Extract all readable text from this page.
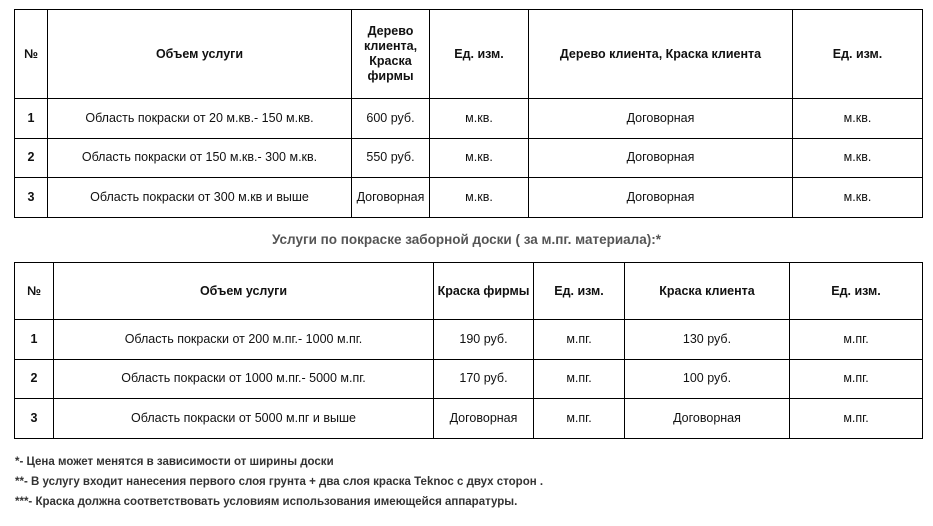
№	Объем услуги	Дерево клиента, Краска фирмы	Ед. изм.	Дерево клиента, Краска клиента	Ед. изм.
1	Область покраски от 20 м.кв.- 150 м.кв.	600 руб.	м.кв.	Договорная	м.кв.
2	Область покраски от 150 м.кв.- 300 м.кв.	550 руб.	м.кв.	Договорная	м.кв.
3	Область покраски от 300 м.кв и выше	Договорная	м.кв.	Договорная	м.кв.
Услуги по покраске заборной доски ( за м.пг. материала):*
№	Объем услуги	Краска фирмы	Ед. изм.	Краска клиента	Ед. изм.
1	Область покраски от 200 м.пг.- 1000 м.пг.	190 руб.	м.пг.	130 руб.	м.пг.
2	Область покраски от 1000 м.пг.- 5000 м.пг.	170 руб.	м.пг.	100 руб.	м.пг.
3	Область покраски от 5000 м.пг и выше	Договорная	м.пг.	Договорная	м.пг.
*- Цена может менятся в зависимости от ширины доски
**- В услугу входит нанесения первого слоя грунта + два слоя краска Теknoс с двух сторон .
***- Краска должна соответствовать условиям использования имеющейся аппаратуры.
